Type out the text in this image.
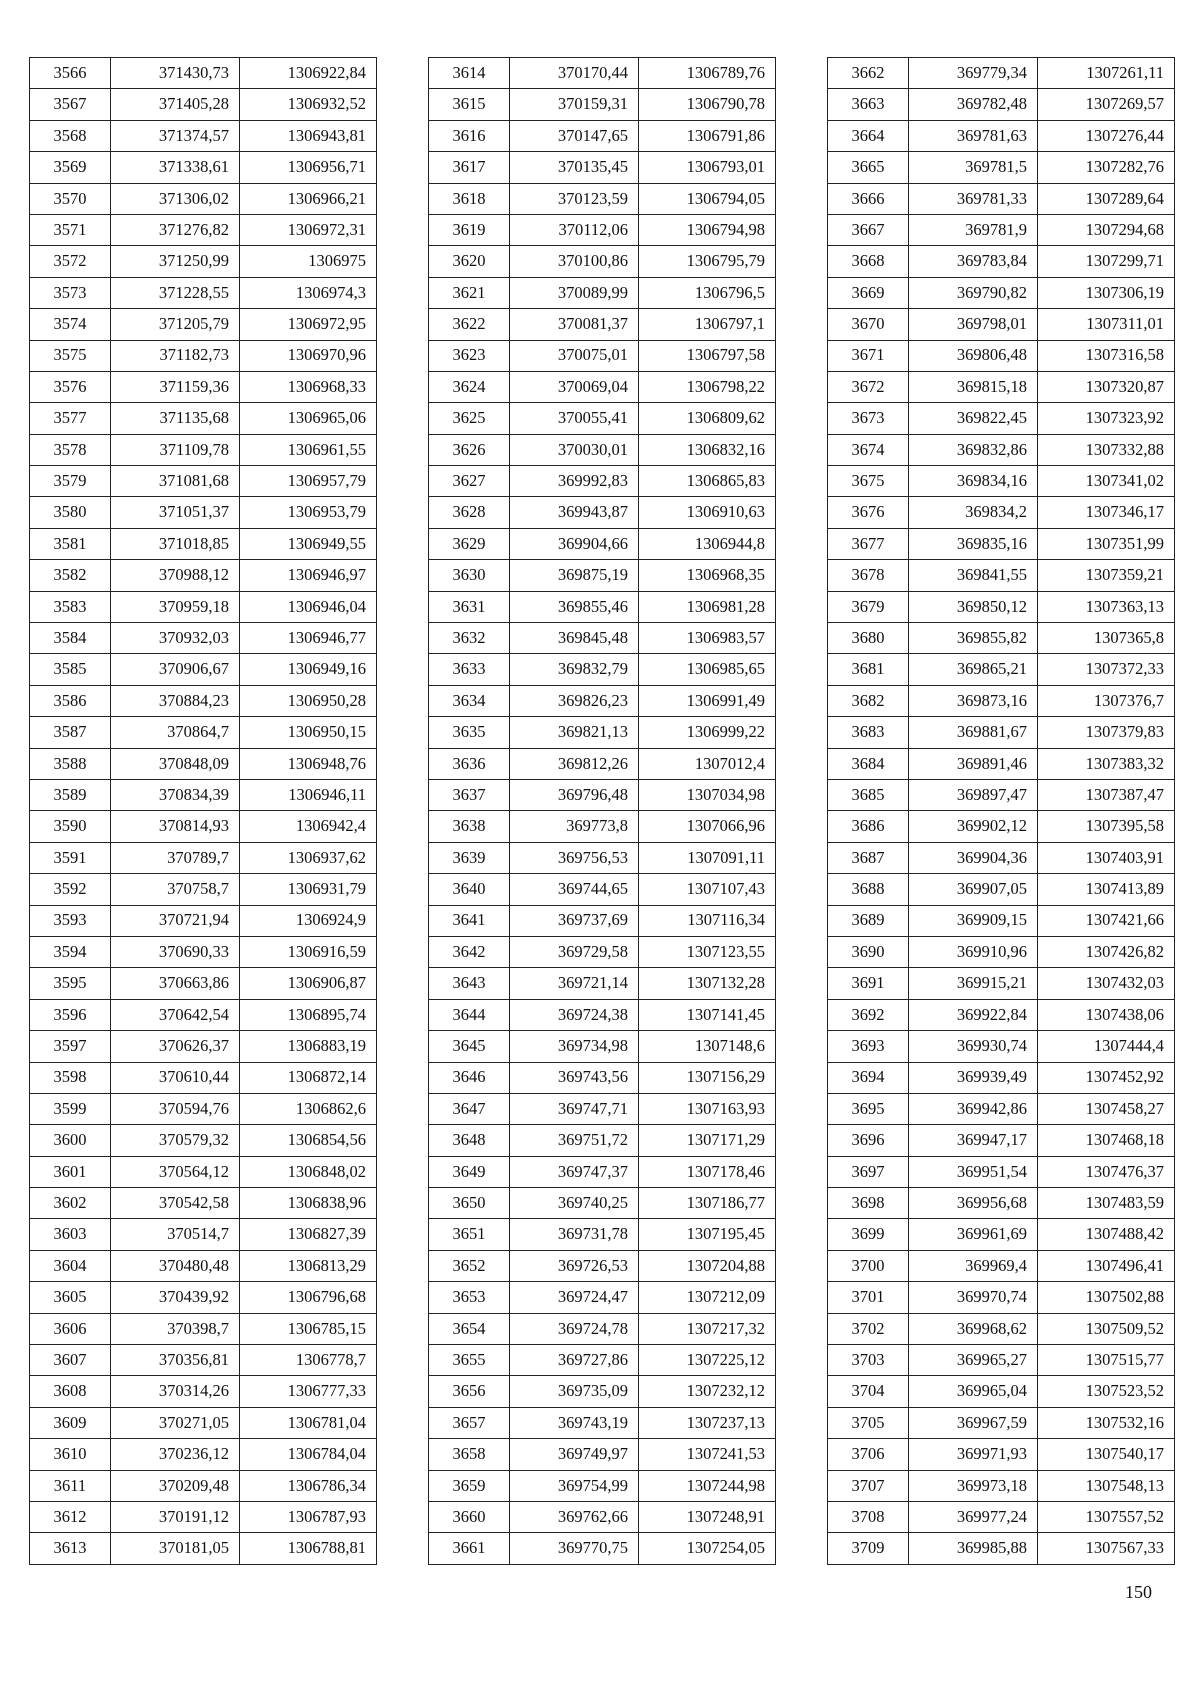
3566	371430,73	1306922,84
3567	371405,28	1306932,52
3568	371374,57	1306943,81
3569	371338,61	1306956,71
3570	371306,02	1306966,21
3571	371276,82	1306972,31
3572	371250,99	1306975
3573	371228,55	1306974,3
3574	371205,79	1306972,95
3575	371182,73	1306970,96
3576	371159,36	1306968,33
3577	371135,68	1306965,06
3578	371109,78	1306961,55
3579	371081,68	1306957,79
3580	371051,37	1306953,79
3581	371018,85	1306949,55
3582	370988,12	1306946,97
3583	370959,18	1306946,04
3584	370932,03	1306946,77
3585	370906,67	1306949,16
3586	370884,23	1306950,28
3587	370864,7	1306950,15
3588	370848,09	1306948,76
3589	370834,39	1306946,11
3590	370814,93	1306942,4
3591	370789,7	1306937,62
3592	370758,7	1306931,79
3593	370721,94	1306924,9
3594	370690,33	1306916,59
3595	370663,86	1306906,87
3596	370642,54	1306895,74
3597	370626,37	1306883,19
3598	370610,44	1306872,14
3599	370594,76	1306862,6
3600	370579,32	1306854,56
3601	370564,12	1306848,02
3602	370542,58	1306838,96
3603	370514,7	1306827,39
3604	370480,48	1306813,29
3605	370439,92	1306796,68
3606	370398,7	1306785,15
3607	370356,81	1306778,7
3608	370314,26	1306777,33
3609	370271,05	1306781,04
3610	370236,12	1306784,04
3611	370209,48	1306786,34
3612	370191,12	1306787,93
3613	370181,05	1306788,81
3614	370170,44	1306789,76
3615	370159,31	1306790,78
3616	370147,65	1306791,86
3617	370135,45	1306793,01
3618	370123,59	1306794,05
3619	370112,06	1306794,98
3620	370100,86	1306795,79
3621	370089,99	1306796,5
3622	370081,37	1306797,1
3623	370075,01	1306797,58
3624	370069,04	1306798,22
3625	370055,41	1306809,62
3626	370030,01	1306832,16
3627	369992,83	1306865,83
3628	369943,87	1306910,63
3629	369904,66	1306944,8
3630	369875,19	1306968,35
3631	369855,46	1306981,28
3632	369845,48	1306983,57
3633	369832,79	1306985,65
3634	369826,23	1306991,49
3635	369821,13	1306999,22
3636	369812,26	1307012,4
3637	369796,48	1307034,98
3638	369773,8	1307066,96
3639	369756,53	1307091,11
3640	369744,65	1307107,43
3641	369737,69	1307116,34
3642	369729,58	1307123,55
3643	369721,14	1307132,28
3644	369724,38	1307141,45
3645	369734,98	1307148,6
3646	369743,56	1307156,29
3647	369747,71	1307163,93
3648	369751,72	1307171,29
3649	369747,37	1307178,46
3650	369740,25	1307186,77
3651	369731,78	1307195,45
3652	369726,53	1307204,88
3653	369724,47	1307212,09
3654	369724,78	1307217,32
3655	369727,86	1307225,12
3656	369735,09	1307232,12
3657	369743,19	1307237,13
3658	369749,97	1307241,53
3659	369754,99	1307244,98
3660	369762,66	1307248,91
3661	369770,75	1307254,05
3662	369779,34	1307261,11
3663	369782,48	1307269,57
3664	369781,63	1307276,44
3665	369781,5	1307282,76
3666	369781,33	1307289,64
3667	369781,9	1307294,68
3668	369783,84	1307299,71
3669	369790,82	1307306,19
3670	369798,01	1307311,01
3671	369806,48	1307316,58
3672	369815,18	1307320,87
3673	369822,45	1307323,92
3674	369832,86	1307332,88
3675	369834,16	1307341,02
3676	369834,2	1307346,17
3677	369835,16	1307351,99
3678	369841,55	1307359,21
3679	369850,12	1307363,13
3680	369855,82	1307365,8
3681	369865,21	1307372,33
3682	369873,16	1307376,7
3683	369881,67	1307379,83
3684	369891,46	1307383,32
3685	369897,47	1307387,47
3686	369902,12	1307395,58
3687	369904,36	1307403,91
3688	369907,05	1307413,89
3689	369909,15	1307421,66
3690	369910,96	1307426,82
3691	369915,21	1307432,03
3692	369922,84	1307438,06
3693	369930,74	1307444,4
3694	369939,49	1307452,92
3695	369942,86	1307458,27
3696	369947,17	1307468,18
3697	369951,54	1307476,37
3698	369956,68	1307483,59
3699	369961,69	1307488,42
3700	369969,4	1307496,41
3701	369970,74	1307502,88
3702	369968,62	1307509,52
3703	369965,27	1307515,77
3704	369965,04	1307523,52
3705	369967,59	1307532,16
3706	369971,93	1307540,17
3707	369973,18	1307548,13
3708	369977,24	1307557,52
3709	369985,88	1307567,33
150
